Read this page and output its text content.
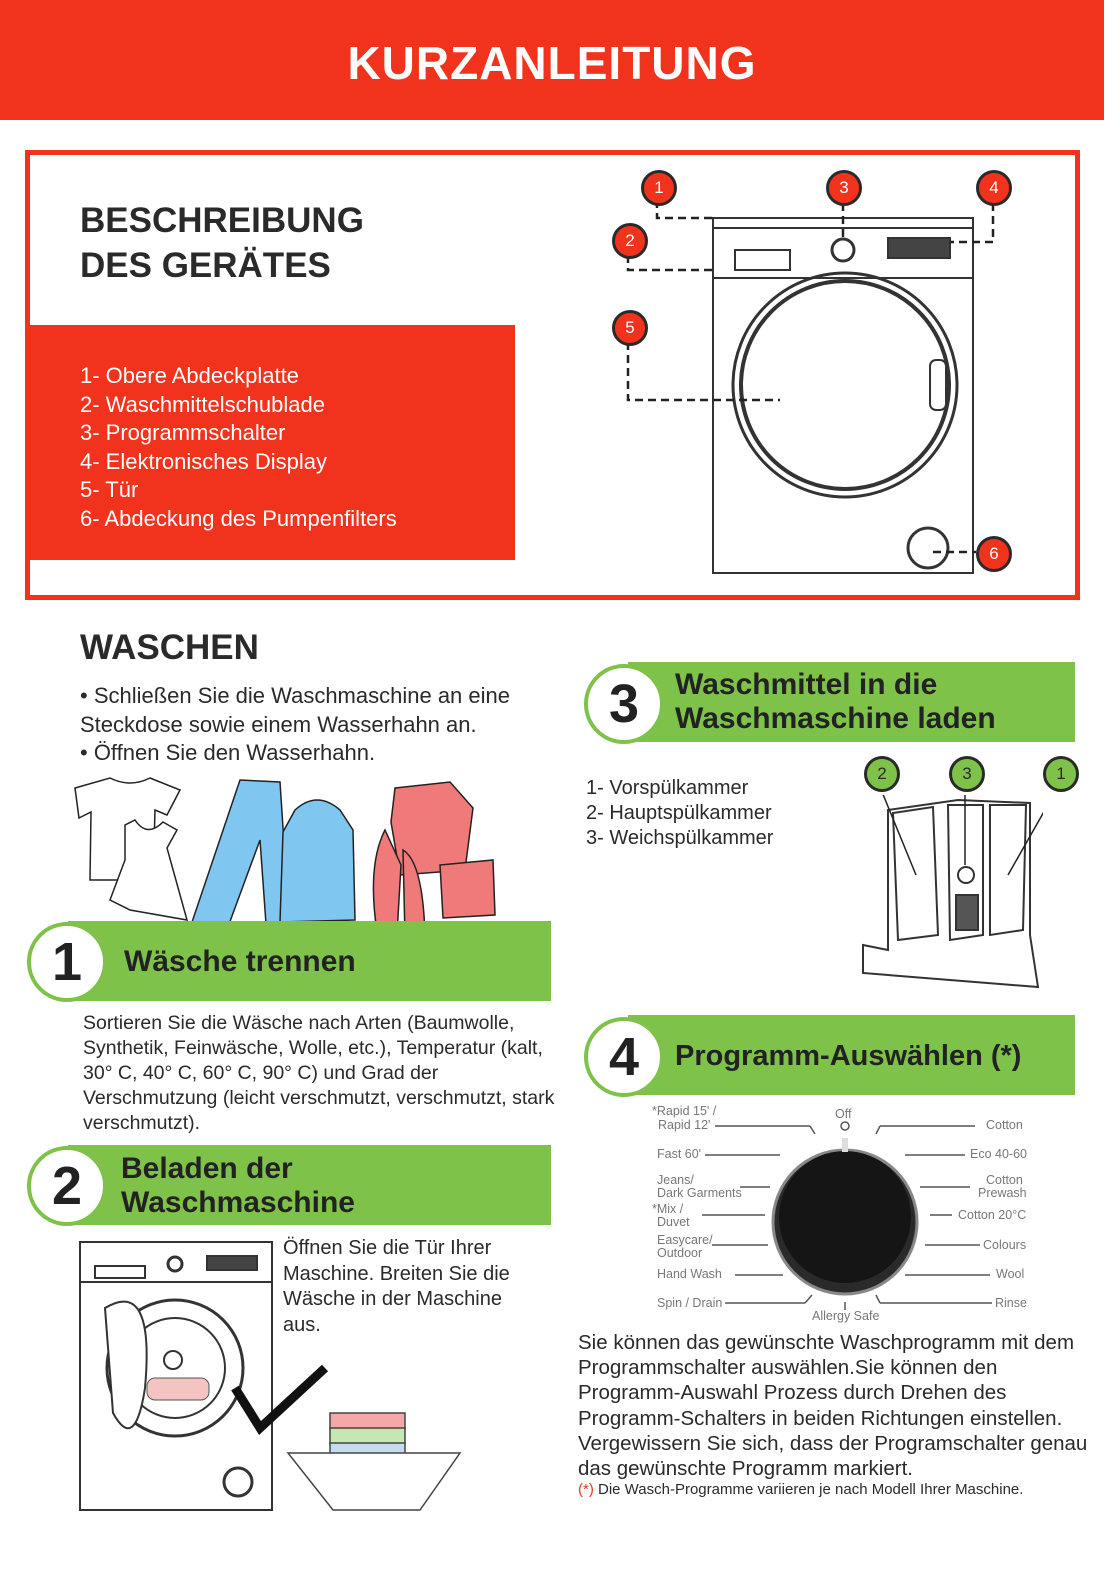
KURZANLEITUNG
BESCHREIBUNG
DES GERÄTES
1- Obere Abdeckplatte
2- Waschmittelschublade
3- Programmschalter
4- Elektronisches Display
5- Tür
6- Abdeckung des Pumpenfilters
1
2
3	4
5
6
WASCHEN
• Schließen Sie die Waschmaschine an eine
Steckdose sowie einem Wasserhahn an.
• Öffnen Sie den Wasserhahn.
1	Wäsche trennen
Sortieren Sie die Wäsche nach Arten (Baumwolle, Synthetik, Feinwäsche, Wolle, etc.), Temperatur (kalt, 30° C, 40° C, 60° C, 90° C) und Grad der Verschmutzung (leicht verschmutzt, verschmutzt, stark verschmutzt).
2	Beladen der
Waschmaschine
Öffnen Sie die Tür Ihrer Maschine. Breiten Sie die Wäsche in der Maschine aus.
3	Waschmittel in die
Waschmaschine laden
1- Vorspülkammer
2- Hauptspülkammer
3- Weichspülkammer
2	3	1
4	Programm-Auswählen (*)
Off
Allergy Safe
*Rapid 15' /
Rapid 12'
Fast 60'
Jeans/
Dark Garments
*Mix /
Duvet
Easycare/
Outdoor
Hand Wash
Spin / Drain
Cotton
Eco 40-60
Cotton
Prewash
Cotton 20°C
Colours
Wool
Rinse
Sie können das gewünschte Waschprogramm mit dem Programmschalter auswählen.Sie können den Programm-Auswahl Prozess durch Drehen des Programm-Schalters in beiden Richtungen einstellen. Vergewissern Sie sich, dass der Programschalter genau das gewünschte Programm markiert.
(*) Die Wasch-Programme variieren je nach Modell Ihrer Maschine.
